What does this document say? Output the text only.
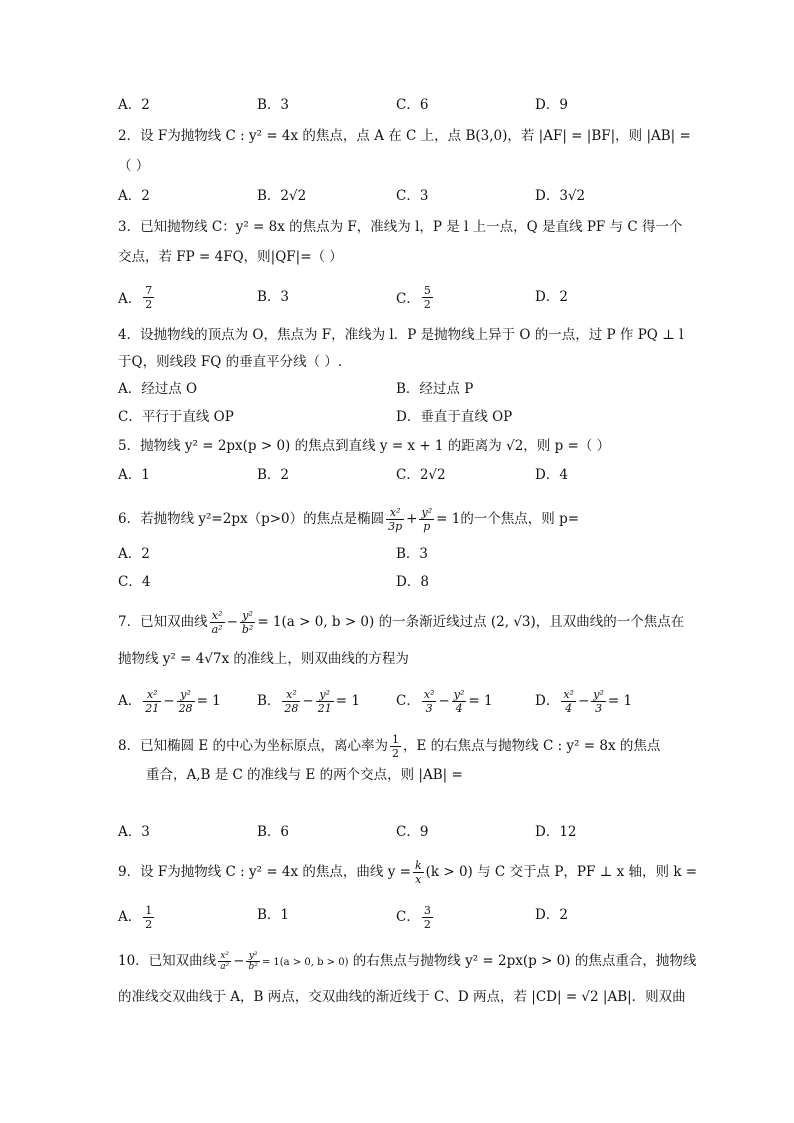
A．2	B．3	C．6	D．9
2．设 F为抛物线 C : y² = 4x 的焦点，点 A 在 C 上，点 B(3,0)，若 |AF| = |BF|，则 |AB| =
（ ）
A．2	B．2√2	C．3	D．3√2
3．已知抛物线 C：y² = 8x 的焦点为 F，准线为 l，P 是 l 上一点，Q 是直线 PF 与 C 得一个
交点，若 FP = 4FQ，则|QF|=（ ）
A． $\frac{7}{2}$	B．3	C． $\frac{5}{2}$	D．2
4．设抛物线的顶点为 O，焦点为 F，准线为 l．P 是抛物线上异于 O 的一点，过 P 作 PQ ⊥ l
于Q，则线段 FQ 的垂直平分线（ ）.
A．经过点 O	B．经过点 P
C．平行于直线 OP	D．垂直于直线 OP
5．抛物线 y² = 2px(p > 0) 的焦点到直线 y = x + 1 的距离为 √2，则 p =（ ）
A．1	B．2	C．2√2	D．4
6．若抛物线 y²=2px（p>0）的焦点是椭圆 $\frac{\text{x²}}{3p} + \frac{\text{y²}}{p} = 1$的一个焦点，则 p=
A．2	B．3
C．4	D．8
7．已知双曲线 $\frac{\text{x²}}{\text{a²}} - \frac{\text{y²}}{\text{b²}} = 1(a > 0$, b > 0) 的一条渐近线过点 (2, √3)，且双曲线的一个焦点在
抛物线 y² = 4√7x 的准线上，则双曲线的方程为
A． $\frac{\text{x²}}{21} - \frac{\text{y²}}{28} = 1$	B． $\frac{\text{x²}}{28} - \frac{\text{y²}}{21} = 1$	C． $\frac{\text{x²}}{3} - \frac{\text{y²}}{4} = 1$	D． $\frac{\text{x²}}{4} - \frac{\text{y²}}{3} = 1$
8．已知椭圆 E 的中心为坐标原点，离心率为 $\frac{1}{2}$ ，E 的右焦点与抛物线 C : y² = 8x 的焦点
重合，A,B 是 C 的准线与 E 的两个交点，则 |AB| =
A．3	B．6	C．9	D．12
9．设 F为抛物线 C : y² = 4x 的焦点，曲线 $y = \frac{k}{x} (k > 0)$ 与 C 交于点 P，PF ⊥ x 轴，则 k =
A． $\frac{1}{2}$	B．1	C． $\frac{3}{2}$	D．2
10．已知双曲线 $\frac{\text{x²}}{\text{a²}} - \frac{\text{y²}}{\text{b²}} = 1(a > 0$, b > 0) 的右焦点与抛物线 y² = 2px(p > 0) 的焦点重合，抛物线
的准线交双曲线于 A，B 两点，交双曲线的渐近线于 C、D 两点，若 |CD| = √2 |AB|．则双曲
